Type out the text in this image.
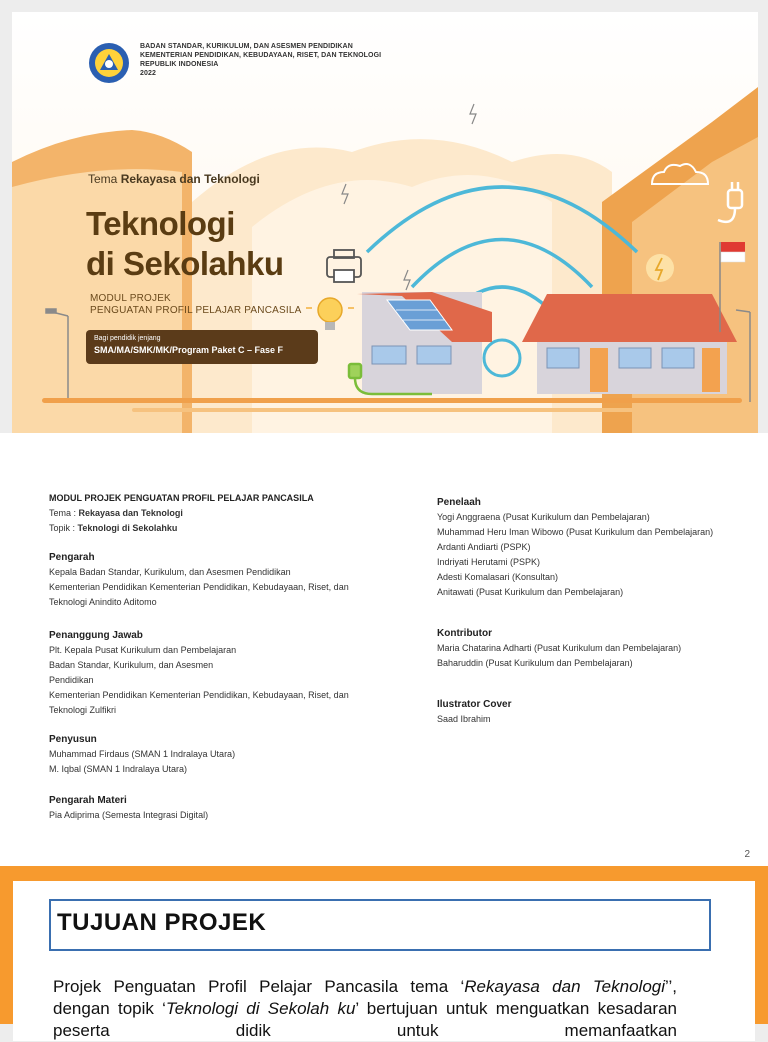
BADAN STANDAR, KURIKULUM, DAN ASESMEN PENDIDIKAN
KEMENTERIAN PENDIDIKAN, KEBUDAYAAN, RISET, DAN TEKNOLOGI
REPUBLIK INDONESIA
2022
Tema Rekayasa dan Teknologi
Teknologi
di Sekolahku
MODUL PROJEK
PENGUATAN PROFIL PELAJAR PANCASILA
Bagi pendidik jenjang
SMA/MA/SMK/MK/Program Paket C – Fase F
MODUL PROJEK PENGUATAN PROFIL PELAJAR PANCASILA
Tema : Rekayasa dan Teknologi
Topik : Teknologi di Sekolahku
Pengarah
Kepala Badan Standar, Kurikulum, dan Asesmen Pendidikan
Kementerian Pendidikan Kementerian Pendidikan, Kebudayaan, Riset, dan
Teknologi Anindito Aditomo
Penanggung Jawab
Plt. Kepala Pusat Kurikulum dan Pembelajaran
Badan Standar, Kurikulum, dan Asesmen
Pendidikan
Kementerian Pendidikan Kementerian Pendidikan, Kebudayaan, Riset, dan
Teknologi Zulfikri
Penyusun
Muhammad Firdaus (SMAN 1 Indralaya Utara)
M. Iqbal (SMAN 1 Indralaya Utara)
Pengarah Materi
Pia Adiprima (Semesta Integrasi Digital)
Penelaah
Yogi Anggraena (Pusat Kurikulum dan Pembelajaran)
Muhammad Heru Iman Wibowo (Pusat Kurikulum dan Pembelajaran)
Ardanti Andiarti (PSPK)
Indriyati Herutami (PSPK)
Adesti Komalasari (Konsultan)
Anitawati (Pusat Kurikulum dan Pembelajaran)
Kontributor
Maria Chatarina Adharti (Pusat Kurikulum dan Pembelajaran)
Baharuddin (Pusat Kurikulum dan Pembelajaran)
Ilustrator Cover
Saad Ibrahim
2
TUJUAN PROJEK
Projek Penguatan Profil Pelajar Pancasila tema ‘Rekayasa dan Teknologi’’, dengan topik ‘Teknologi di Sekolah ku’ bertujuan untuk menguatkan kesadaran peserta didik untuk memanfaatkan
